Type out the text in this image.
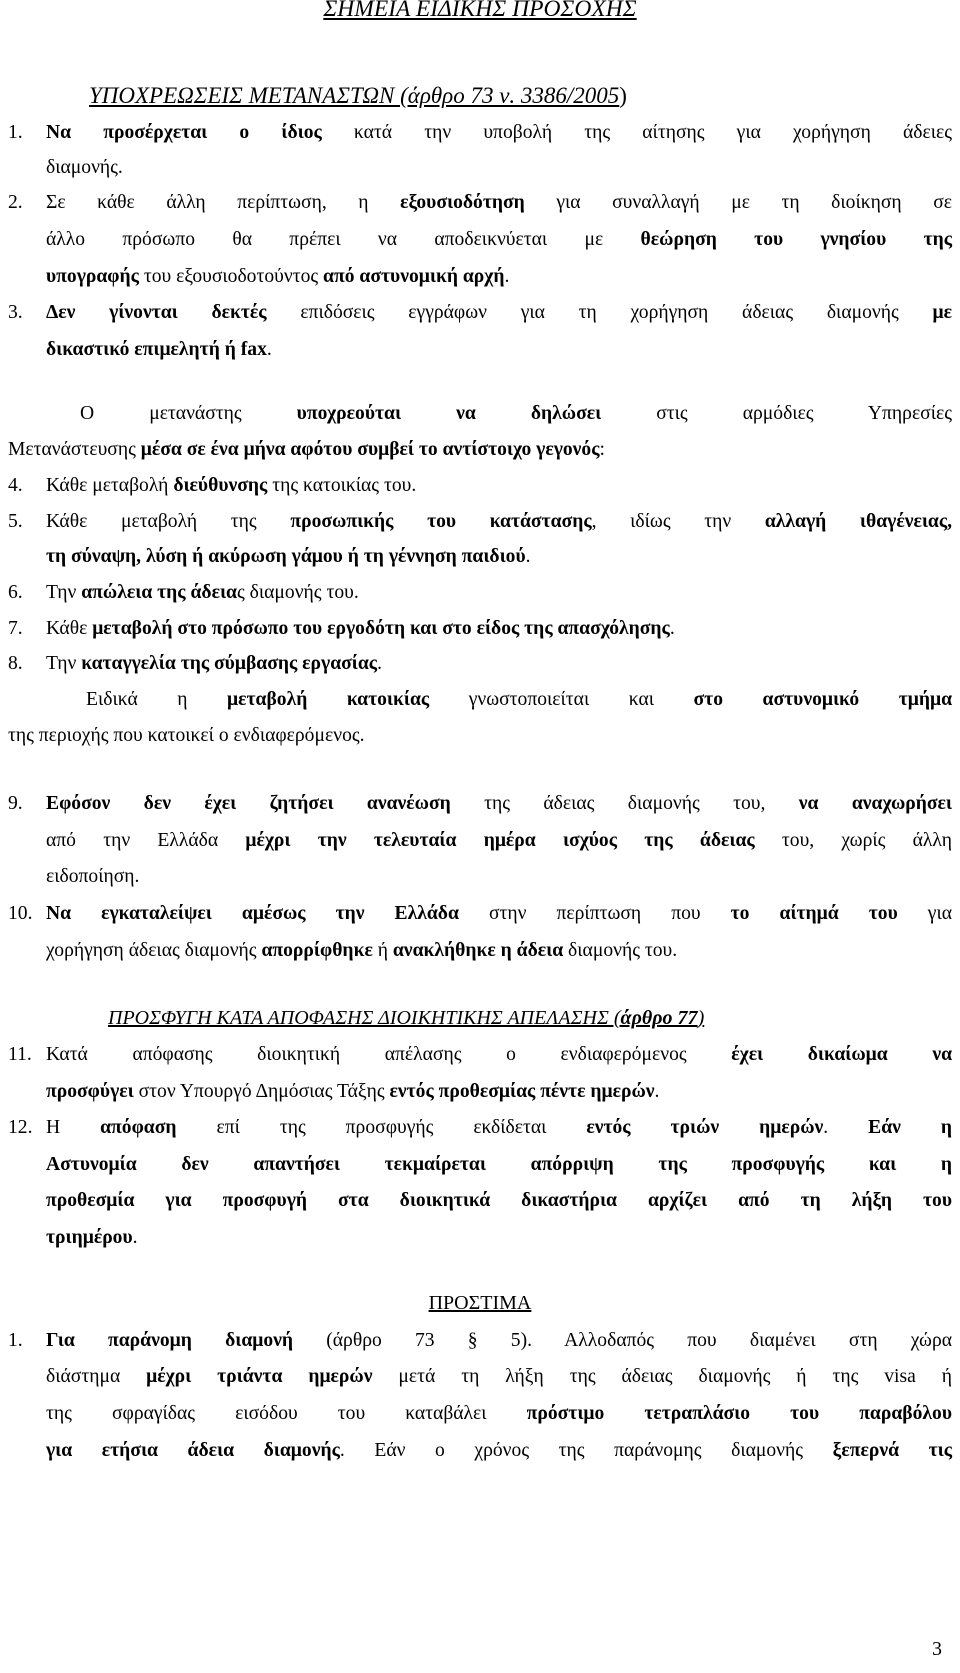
ΣΗΜΕΙΑ ΕΙΔΙΚΗΣ ΠΡΟΣΟΧΗΣ
ΥΠΟΧΡΕΩΣΕΙΣ ΜΕΤΑΝΑΣΤΩΝ (άρθρο 73 ν. 3386/2005)
1. Να προσέρχεται ο ίδιος κατά την υποβολή της αίτησης για χορήγηση άδειες
διαμονής.
2. Σε κάθε άλλη περίπτωση, η εξουσιοδότηση για συναλλαγή με τη διοίκηση σε
άλλο πρόσωπο θα πρέπει να αποδεικνύεται με θεώρηση του γνησίου της
υπογραφής του εξουσιοδοτούντος από αστυνομική αρχή.
3. Δεν γίνονται δεκτές επιδόσεις εγγράφων για τη χορήγηση άδειας διαμονής με
δικαστικό επιμελητή ή fax.
Ο μετανάστης υποχρεούται να δηλώσει στις αρμόδιες Υπηρεσίες
Μετανάστευσης μέσα σε ένα μήνα αφότου συμβεί το αντίστοιχο γεγονός:
4. Κάθε μεταβολή διεύθυνσης της κατοικίας του.
5. Κάθε μεταβολή της προσωπικής του κατάστασης, ιδίως την αλλαγή ιθαγένειας,
τη σύναψη, λύση ή ακύρωση γάμου ή τη γέννηση παιδιού.
6. Την απώλεια της άδειας διαμονής του.
7. Κάθε μεταβολή στο πρόσωπο του εργοδότη και στο είδος της απασχόλησης.
8. Την καταγγελία της σύμβασης εργασίας.
Ειδικά η μεταβολή κατοικίας γνωστοποιείται και στο αστυνομικό τμήμα
της περιοχής που κατοικεί ο ενδιαφερόμενος.
9. Εφόσον δεν έχει ζητήσει ανανέωση της άδειας διαμονής του, να αναχωρήσει
από την Ελλάδα μέχρι την τελευταία ημέρα ισχύος της άδειας του, χωρίς άλλη
ειδοποίηση.
10. Να εγκαταλείψει αμέσως την Ελλάδα στην περίπτωση που το αίτημά του για
χορήγηση άδειας διαμονής απορρίφθηκε ή ανακλήθηκε η άδεια διαμονής του.
ΠΡΟΣΦΥΓΗ ΚΑΤΑ ΑΠΟΦΑΣΗΣ ΔΙΟΙΚΗΤΙΚΗΣ ΑΠΕΛΑΣΗΣ (άρθρο 77)
11. Κατά απόφασης διοικητική απέλασης ο ενδιαφερόμενος έχει δικαίωμα να
προσφύγει στον Υπουργό Δημόσιας Τάξης εντός προθεσμίας πέντε ημερών.
12. Η απόφαση επί της προσφυγής εκδίδεται εντός τριών ημερών. Εάν η
Αστυνομία δεν απαντήσει τεκμαίρεται απόρριψη της προσφυγής και η
προθεσμία για προσφυγή στα διοικητικά δικαστήρια αρχίζει από τη λήξη του
τριημέρου.
ΠΡΟΣΤΙΜΑ
1. Για παράνομη διαμονή (άρθρο 73 § 5). Αλλοδαπός που διαμένει στη χώρα
διάστημα μέχρι τριάντα ημερών μετά τη λήξη της άδειας διαμονής ή της visa ή
της σφραγίδας εισόδου του καταβάλει πρόστιμο τετραπλάσιο του παραβόλου
για ετήσια άδεια διαμονής. Εάν ο χρόνος της παράνομης διαμονής ξεπερνά τις
3
